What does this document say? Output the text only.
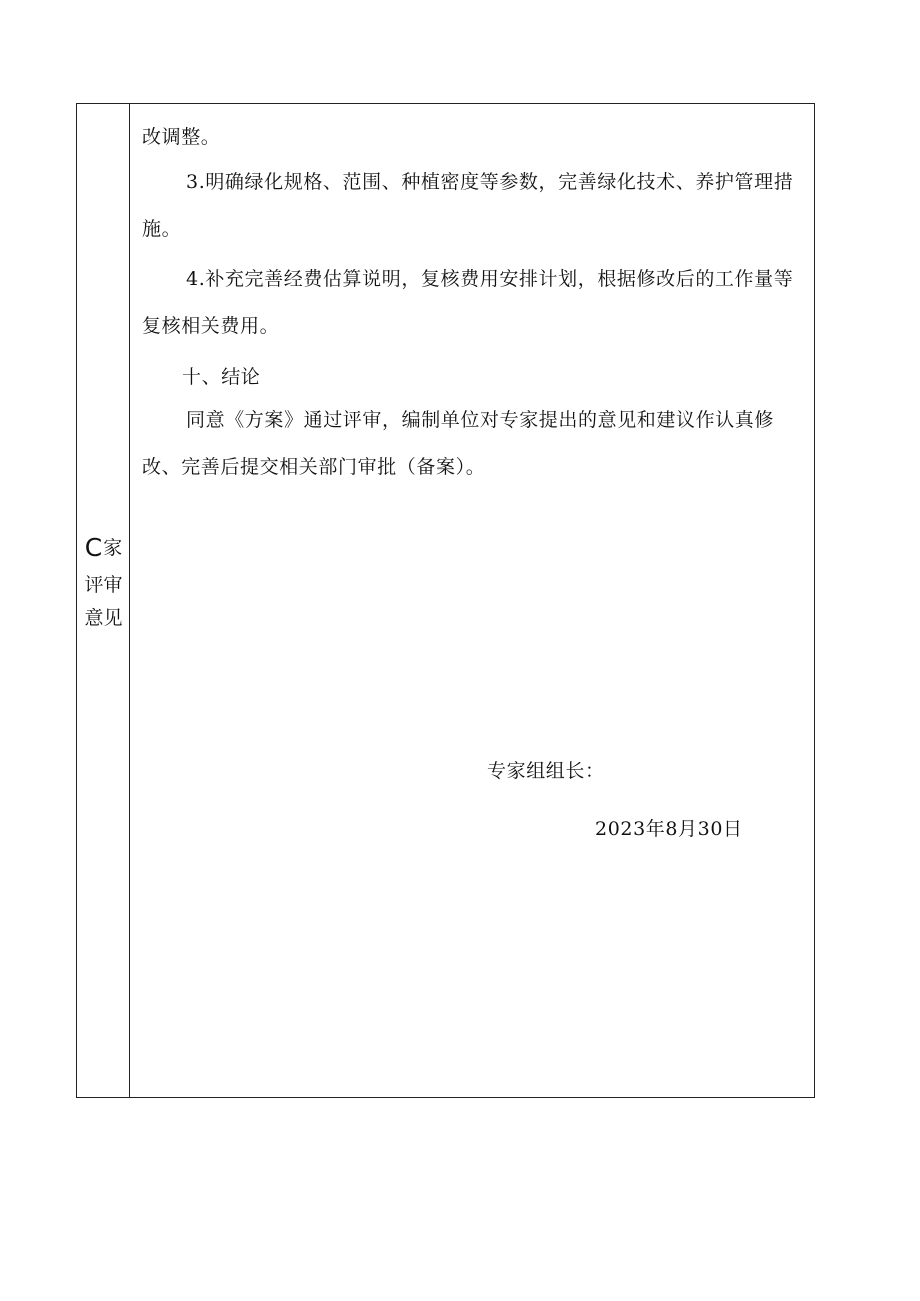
C家
评审
意见
改调整。
3.明确绿化规格、范围、种植密度等参数，完善绿化技术、养护管理措
施。
4.补充完善经费估算说明，复核费用安排计划，根据修改后的工作量等
复核相关费用。
十、结论
同意《方案》通过评审，编制单位对专家提出的意见和建议作认真修
改、完善后提交相关部门审批（备案）。
专家组组长：
2023年8月30日
